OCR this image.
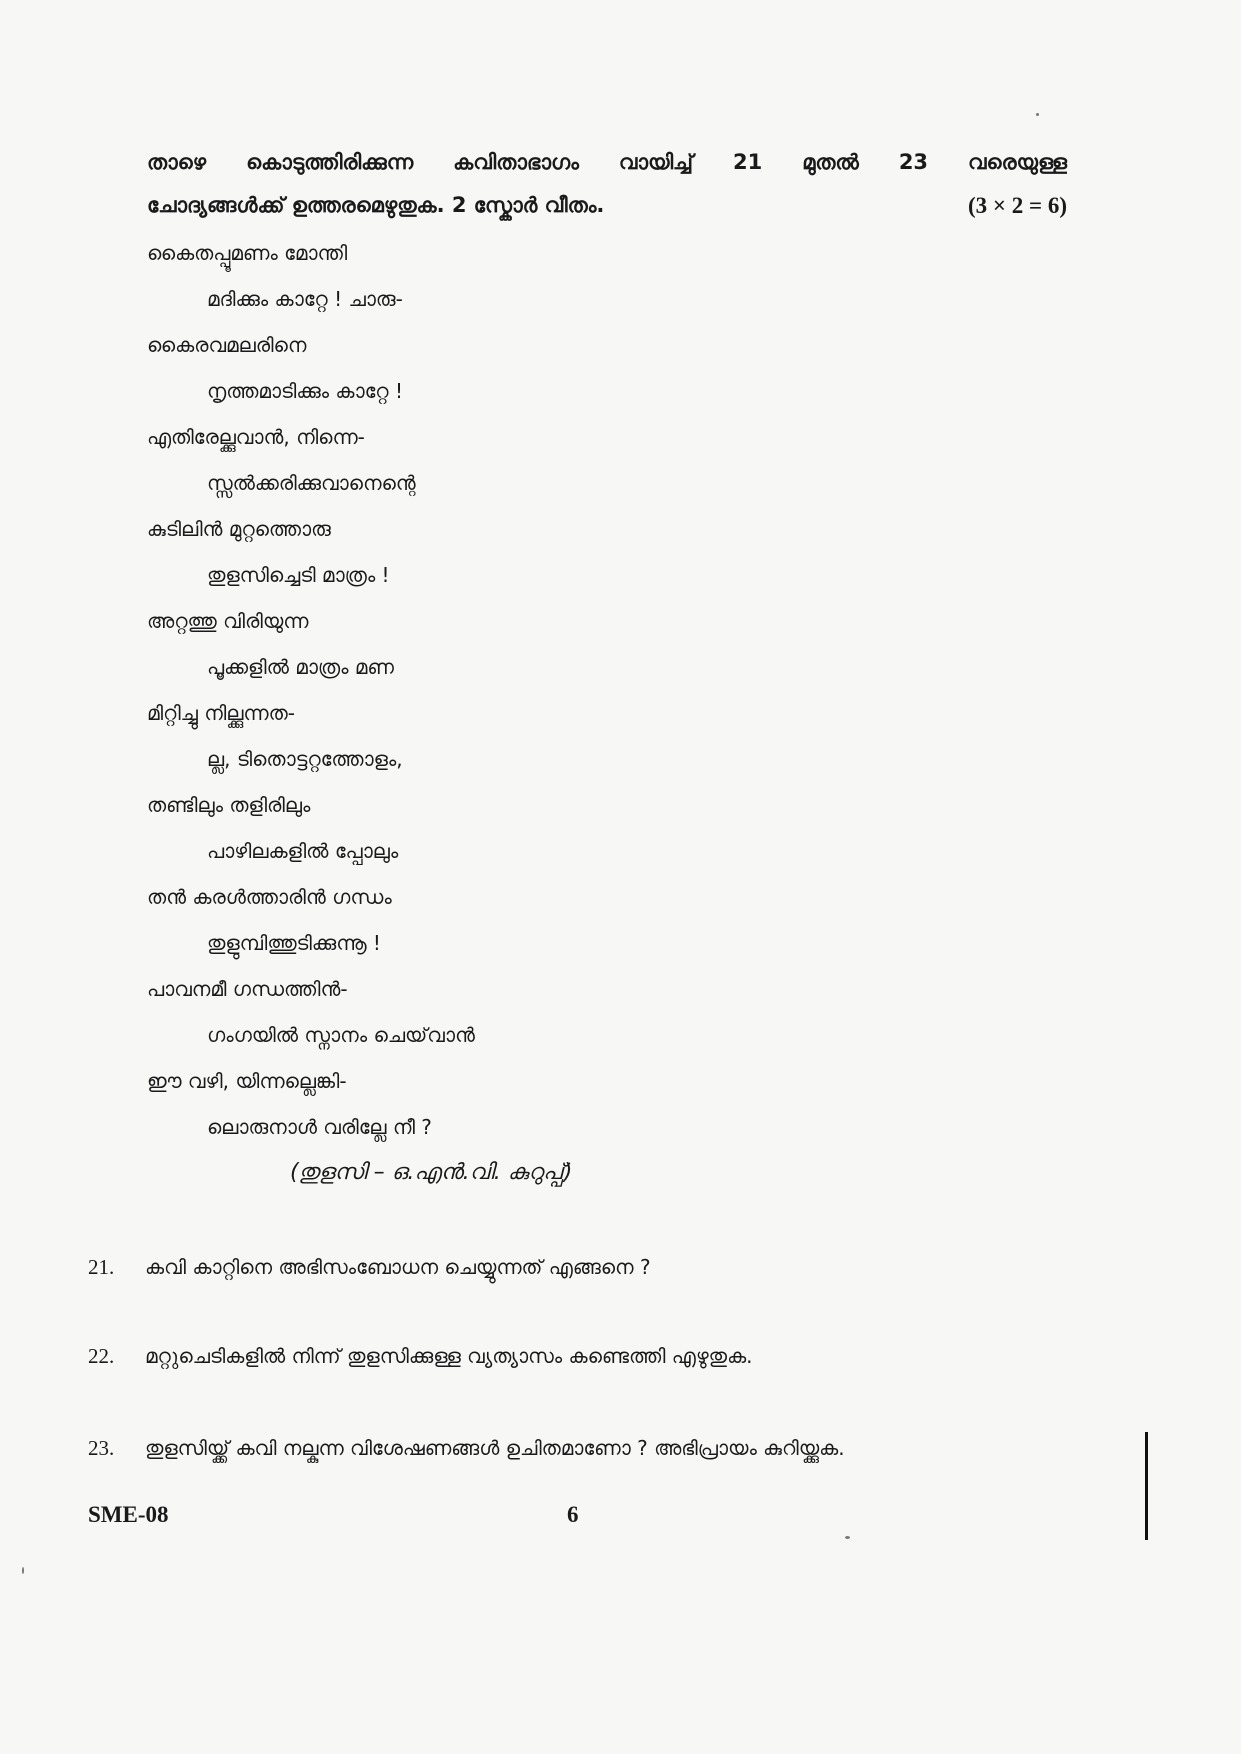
താഴെ കൊടുത്തിരിക്കുന്ന കവിതാഭാഗം വായിച്ച് 21 മുതൽ 23 വരെയുള്ള
ചോദ്യങ്ങൾക്ക് ഉത്തരമെഴുതുക. 2 സ്കോർ വീതം.	(3 × 2 = 6)
കൈതപ്പൂമണം മോന്തി
മദിക്കും കാറ്റേ ! ചാരു-
കൈരവമലരിനെ
നൃത്തമാടിക്കും കാറ്റേ !
എതിരേല്ക്കുവാൻ, നിന്നെ-
സ്സൽക്കരിക്കുവാനെന്റെ
കുടിലിൻ മുറ്റത്തൊരു
തുളസിച്ചെടി മാത്രം !
അറ്റത്തു വിരിയുന്ന
പൂക്കളിൽ മാത്രം മണ
മിറ്റിച്ചു നില്ക്കുന്നത-
ല്ല, ടിതൊട്ടറ്റത്തോളം,
തണ്ടിലും തളിരിലും
പാഴിലകളിൽ പ്പോലും
തൻ കരൾത്താരിൻ ഗന്ധം
തുളുമ്പിത്തുടിക്കുന്നൂ !
പാവനമീ ഗന്ധത്തിൻ-
ഗംഗയിൽ സ്നാനം ചെയ്‌വാൻ
ഈ വഴി, യിന്നല്ലെങ്കി-
ലൊരുനാൾ വരില്ലേ നീ ?
(തുളസി – ഒ.എൻ.വി. കുറുപ്പ്)
21.	കവി കാറ്റിനെ അഭിസംബോധന ചെയ്യുന്നത് എങ്ങനെ ?
22.	മറ്റുചെടികളിൽ നിന്ന് തുളസിക്കുള്ള വ്യത്യാസം കണ്ടെത്തി എഴുതുക.
23.	തുളസിയ്ക്ക് കവി നല്കുന്ന വിശേഷണങ്ങൾ ഉചിതമാണോ ? അഭിപ്രായം കുറിയ്ക്കുക.
SME-08	6
